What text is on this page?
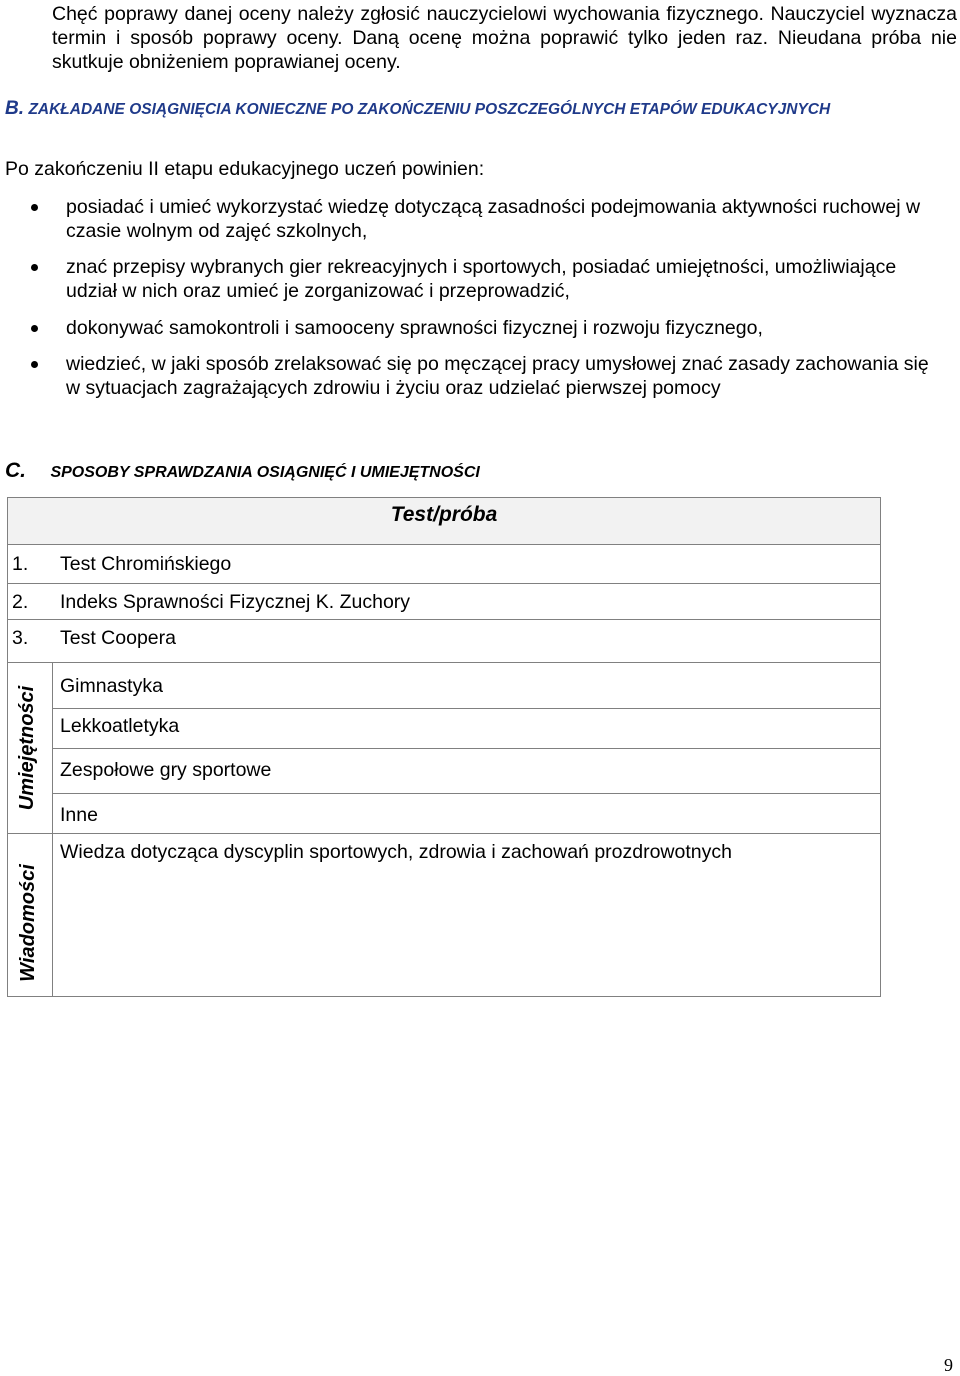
Chęć poprawy danej oceny należy zgłosić nauczycielowi wychowania fizycznego. Nauczyciel wyznacza termin i sposób poprawy oceny. Daną ocenę można poprawić tylko jeden raz. Nieudana próba nie skutkuje obniżeniem poprawianej oceny.
B. ZAKŁADANE OSIĄGNIĘCIA KONIECZNE PO ZAKOŃCZENIU POSZCZEGÓLNYCH ETAPÓW EDUKACYJNYCH
Po zakończeniu II etapu edukacyjnego uczeń powinien:
posiadać i umieć wykorzystać wiedzę dotyczącą zasadności podejmowania aktywności ruchowej w czasie wolnym od zajęć szkolnych,
znać przepisy wybranych gier rekreacyjnych i sportowych, posiadać umiejętności, umożliwiające udział w nich oraz umieć je zorganizować i przeprowadzić,
dokonywać samokontroli i samooceny sprawności fizycznej i rozwoju fizycznego,
wiedzieć, w jaki sposób zrelaksować się po męczącej pracy umysłowej znać zasady zachowania się w sytuacjach zagrażających zdrowiu i życiu oraz udzielać pierwszej pomocy
C. SPOSOBY SPRAWDZANIA OSIĄGNIĘĆ I UMIEJĘTNOŚCI
Test/próba
1. Test Chromińskiego
2. Indeks Sprawności Fizycznej K. Zuchory
3. Test Coopera
Gimnastyka
Lekkoatletyka
Zespołowe gry sportowe
Inne
Wiedza dotycząca dyscyplin sportowych, zdrowia i zachowań prozdrowotnych
Umiejętności
Wiadomości
9
